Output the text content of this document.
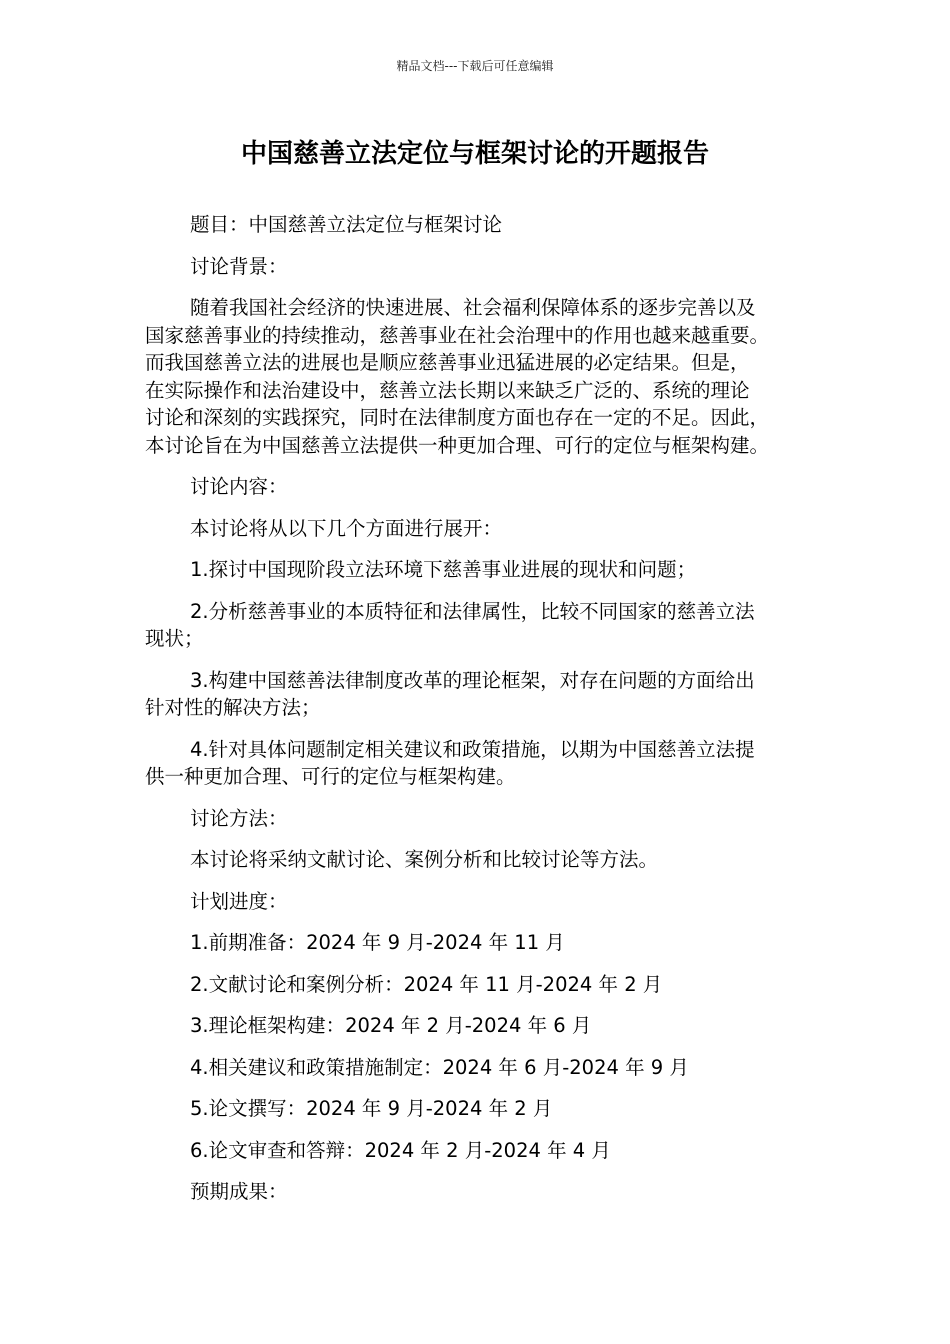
精品文档---下载后可任意编辑
中国慈善立法定位与框架讨论的开题报告

题目：中国慈善立法定位与框架讨论

讨论背景：

随着我国社会经济的快速进展、社会福利保障体系的逐步完善以及
国家慈善事业的持续推动，慈善事业在社会治理中的作用也越来越重要。
而我国慈善立法的进展也是顺应慈善事业迅猛进展的必定结果。但是，
在实际操作和法治建设中，慈善立法长期以来缺乏广泛的、系统的理论
讨论和深刻的实践探究，同时在法律制度方面也存在一定的不足。因此，
本讨论旨在为中国慈善立法提供一种更加合理、可行的定位与框架构建。

讨论内容：

本讨论将从以下几个方面进行展开：

1.探讨中国现阶段立法环境下慈善事业进展的现状和问题；
2.分析慈善事业的本质特征和法律属性，比较不同国家的慈善立法
现状；
3.构建中国慈善法律制度改革的理论框架，对存在问题的方面给出
针对性的解决方法；
4.针对具体问题制定相关建议和政策措施，以期为中国慈善立法提
供一种更加合理、可行的定位与框架构建。

讨论方法：

本讨论将采纳文献讨论、案例分析和比较讨论等方法。

计划进度：

1.前期准备：2024 年 9 月-2024 年 11 月

2.文献讨论和案例分析：2024 年 11 月-2024 年 2 月

3.理论框架构建：2024 年 2 月-2024 年 6 月

4.相关建议和政策措施制定：2024 年 6 月-2024 年 9 月

5.论文撰写：2024 年 9 月-2024 年 2 月

6.论文审查和答辩：2024 年 2 月-2024 年 4 月

预期成果：
